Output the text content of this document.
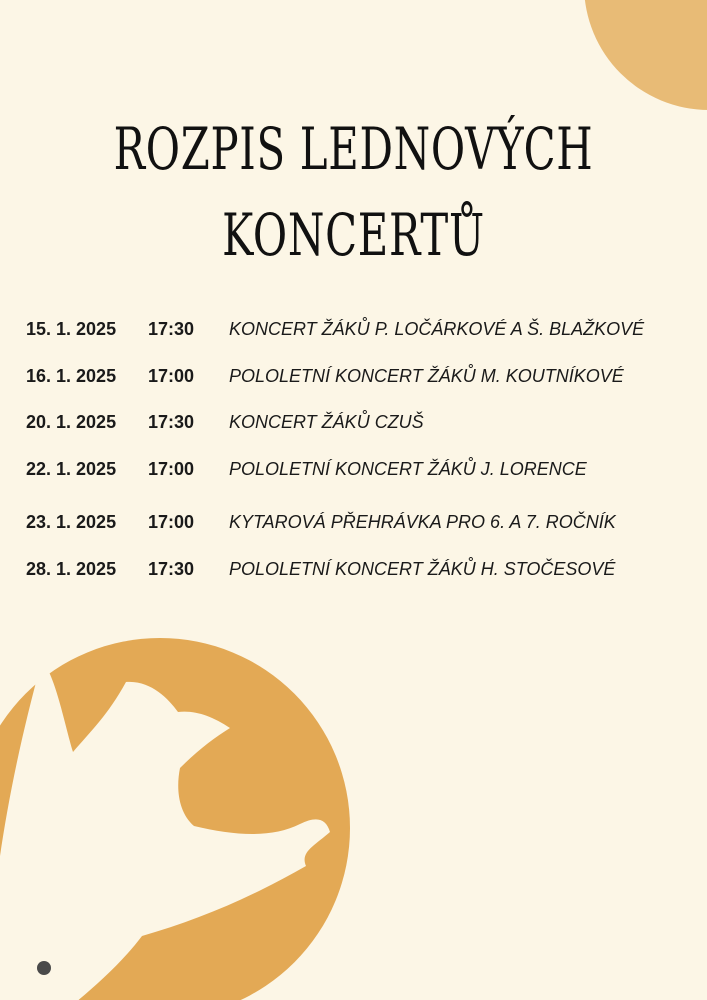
ROZPIS LEDNOVÝCH
KONCERTŮ
15. 1. 2025 17:30 KONCERT ŽÁKŮ P. LOČÁRKOVÉ A Š. BLAŽKOVÉ
16. 1. 2025 17:00 POLOLETNÍ KONCERT ŽÁKŮ M. KOUTNÍKOVÉ
20. 1. 2025 17:30 KONCERT ŽÁKŮ CZUŠ
22. 1. 2025 17:00 POLOLETNÍ KONCERT ŽÁKŮ J. LORENCE
23. 1. 2025 17:00 KYTAROVÁ PŘEHRÁVKA PRO 6. A 7. ROČNÍK
28. 1. 2025 17:30 POLOLETNÍ KONCERT ŽÁKŮ H. STOČESOVÉ
